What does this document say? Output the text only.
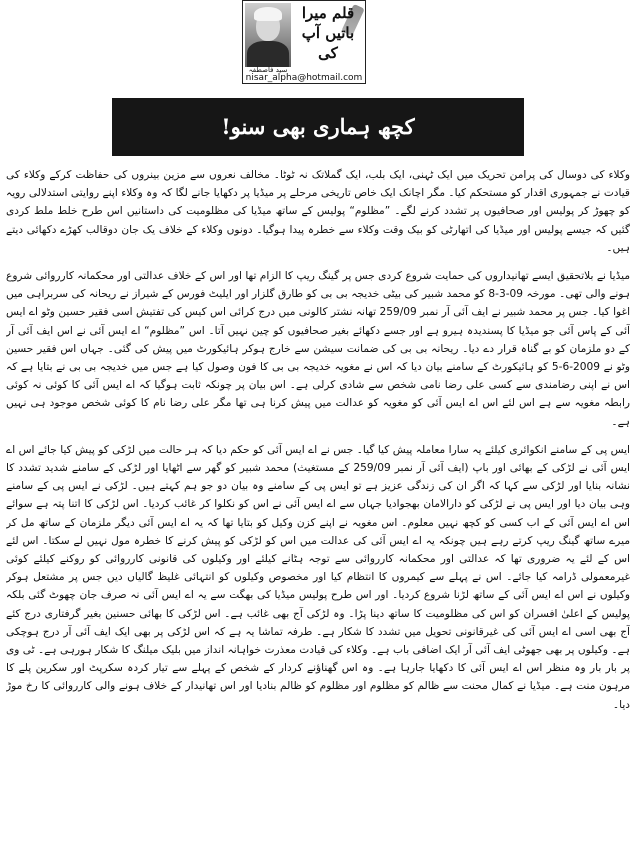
قلم میرا باتیں آپ کی
سید فاصطفہ
nisar_alpha@hotmail.com
کچھ ہماری بھی سنو!

وکلاء کی دوسال کی پرامن تحریک میں ایک ٹہنی، ایک بلب، ایک گملاتک نہ ٹوٹا۔ مخالف نعروں سے مزین بینروں کی حفاظت کرکے وکلاء کی قیادت نے جمہوری اقدار کو مستحکم کیا۔ مگر اچانک ایک خاص تاریخی مرحلے پر میڈیا پر دکھایا جانے لگا کہ وہ وکلاء اپنے روایتی استدلالی رویہ کو چھوڑ کر پولیس اور صحافیوں پر تشدد کرنے لگے۔ ”مظلوم“ پولیس کے ساتھ میڈیا کی مظلومیت کی داستانیں اس طرح خلط ملط کردی گئیں کہ جیسے پولیس اور میڈیا کی اتھارٹی کو بیک وقت وکلاء سے خطرہ پیدا ہوگیا۔ دونوں وکلاء کے خلاف یک جان دوقالب کھڑے دکھائی دیتے ہیں۔

میڈیا نے بلاتحقیق ایسے تھانیداروں کی حمایت شروع کردی جس پر گینگ ریپ کا الزام تھا اور اس کے خلاف عدالتی اور محکمانہ کارروائی شروع ہونے والی تھی۔ مورخہ 09-3-8 کو محمد شبیر کی بیٹی خدیجہ بی بی کو طارق گلزار اور ایلیٹ فورس کے شیراز نے ریحانہ کی سربراہی میں اغوا کیا۔ جس پر محمد شبیر نے ایف آئی آر نمبر 259/09 تھانہ نشتر کالونی میں درج کرائی اس کیس کی تفتیش اسی فقیر حسین وٹو اے ایس آئی کے پاس آئی جو میڈیا کا پسندیدہ ہیرو ہے اور جسے دکھائے بغیر صحافیوں کو چین نہیں آتا۔ اس ”مظلوم“ اے ایس آئی نے اس ایف آئی آر کے دو ملزمان کو بے گناہ قرار دے دیا۔ ریحانہ بی بی کی ضمانت سیشن سے خارج ہوکر ہائیکورٹ میں پیش کی گئی۔ جہاں اس فقیر حسین وٹو نے 2009-6-5 کو ہائیکورٹ کے سامنے بیان دیا کہ اس نے مغویہ خدیجہ بی بی کا فون وصول کیا ہے جس میں خدیجہ بی بی نے بتایا ہے کہ اس نے اپنی رضامندی سے کسی علی رضا نامی شخص سے شادی کرلی ہے۔ اس بیان پر چونکہ ثابت ہوگیا کہ اے ایس آئی کا کوئی نہ کوئی رابطہ مغویہ سے ہے اس لئے اس اے ایس آئی کو مغویہ کو عدالت میں پیش کرنا ہی تھا مگر علی رضا نام کا کوئی شخص موجود ہی نہیں ہے۔

ایس پی کے سامنے انکوائری کیلئے یہ سارا معاملہ پیش کیا گیا۔ جس نے اے ایس آئی کو حکم دیا کہ ہر حالت میں لڑکی کو پیش کیا جائے اس اے ایس آئی نے لڑکی کے بھائی اور باپ (ایف آئی آر نمبر 259/09 کے مستغیث) محمد شبیر کو گھر سے اٹھایا اور لڑکی کے سامنے شدید تشدد کا نشانہ بنایا اور لڑکی سے کہا کہ اگر ان کی زندگی عزیز ہے تو ایس پی کے سامنے وہ بیان دو جو ہم کہتے ہیں۔ لڑکی نے ایس پی کے سامنے وہی بیان دیا اور ایس پی نے لڑکی کو دارالامان بھجوادیا جہاں سے اے ایس آئی نے اس کو نکلوا کر غائب کردیا۔ اس لڑکی کا اتنا پتہ ہے سوائے اس اے ایس آئی کے اب کسی کو کچھ نہیں معلوم۔ اس مغویہ نے اپنے کزن وکیل کو بتایا تھا کہ یہ اے ایس آئی دیگر ملزمان کے ساتھ مل کر میرے ساتھ گینگ ریپ کرتے رہے ہیں چونکہ یہ اے ایس آئی کی عدالت میں اس کو لڑکی کو پیش کرنے کا خطرہ مول نہیں لے سکتا۔ اس لئے اس کے لئے یہ ضروری تھا کہ عدالتی اور محکمانہ کارروائی سے توجہ ہٹانے کیلئے اور وکیلوں کی قانونی کارروائی کو روکنے کیلئے کوئی غیرمعمولی ڈرامہ کیا جائے۔ اس نے پہلے سے کیمروں کا انتظام کیا اور مخصوص وکیلوں کو انتہائی غلیظ گالیاں دیں جس پر مشتعل ہوکر وکیلوں نے اس اے ایس آئی کے ساتھ لڑنا شروع کردیا۔ اور اس طرح پولیس میڈیا کی بھگت سے یہ اے ایس آئی نہ صرف جان چھوٹ گئی بلکہ پولیس کے اعلیٰ افسران کو اس کی مظلومیت کا ساتھ دینا پڑا۔ وہ لڑکی آج بھی غائب ہے۔ اس لڑکی کا بھائی حسنین بغیر گرفتاری درج کئے آج بھی اسی اے ایس آئی کی غیرقانونی تحویل میں تشدد کا شکار ہے۔ طرفہ تماشا یہ ہے کہ اس لڑکی پر بھی ایک ایف آئی آر درج ہوچکی ہے۔ وکیلوں پر بھی جھوٹی ایف آئی آر ایک اضافی باب ہے۔ وکلاء کی قیادت معذرت خواہانہ انداز میں بلیک میلنگ کا شکار ہورہی ہے۔ ٹی وی پر بار بار وہ منظر اس اے ایس آئی کا دکھایا جارہا ہے۔ وہ اس گھناؤنے کردار کے شخص کے پہلے سے تیار کردہ سکرپٹ اور سکرین پلے کا مرہون منت ہے۔ میڈیا نے کمال محنت سے ظالم کو مظلوم اور مظلوم کو ظالم بنادیا اور اس تھانیدار کے خلاف ہونے والی کارروائی کا رخ موڑ دیا۔
